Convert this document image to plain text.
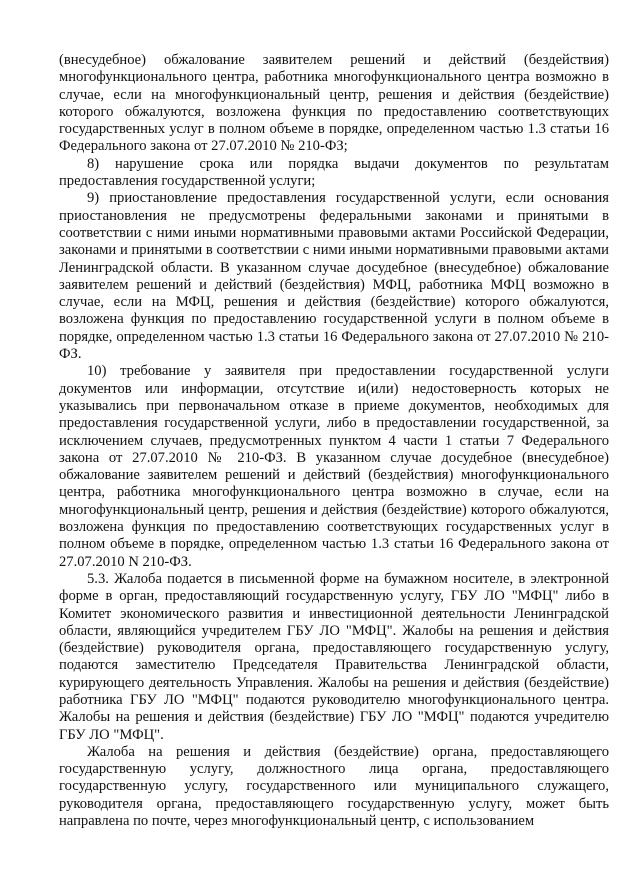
(внесудебное) обжалование заявителем решений и действий (бездействия) многофункционального центра, работника многофункционального центра возможно в случае, если на многофункциональный центр, решения и действия (бездействие) которого обжалуются, возложена функция по предоставлению соответствующих государственных услуг в полном объеме в порядке, определенном частью 1.3 статьи 16 Федерального закона от 27.07.2010 № 210-ФЗ;

8) нарушение срока или порядка выдачи документов по результатам предоставления государственной услуги;

9) приостановление предоставления государственной услуги, если основания приостановления не предусмотрены федеральными законами и принятыми в соответствии с ними иными нормативными правовыми актами Российской Федерации, законами и принятыми в соответствии с ними иными нормативными правовыми актами Ленинградской области. В указанном случае досудебное (внесудебное) обжалование заявителем решений и действий (бездействия) МФЦ, работника МФЦ возможно в случае, если на МФЦ, решения и действия (бездействие) которого обжалуются, возложена функция по предоставлению государственной услуги в полном объеме в порядке, определенном частью 1.3 статьи 16 Федерального закона от 27.07.2010 № 210-ФЗ.

10) требование у заявителя при предоставлении государственной услуги документов или информации, отсутствие и(или) недостоверность которых не указывались при первоначальном отказе в приеме документов, необходимых для предоставления государственной услуги, либо в предоставлении государственной, за исключением случаев, предусмотренных пунктом 4 части 1 статьи 7 Федерального закона от 27.07.2010 № 210-ФЗ. В указанном случае досудебное (внесудебное) обжалование заявителем решений и действий (бездействия) многофункционального центра, работника многофункционального центра возможно в случае, если на многофункциональный центр, решения и действия (бездействие) которого обжалуются, возложена функция по предоставлению соответствующих государственных услуг в полном объеме в порядке, определенном частью 1.3 статьи 16 Федерального закона от 27.07.2010 N 210-ФЗ.

5.3. Жалоба подается в письменной форме на бумажном носителе, в электронной форме в орган, предоставляющий государственную услугу, ГБУ ЛО "МФЦ" либо в Комитет экономического развития и инвестиционной деятельности Ленинградской области, являющийся учредителем ГБУ ЛО "МФЦ". Жалобы на решения и действия (бездействие) руководителя органа, предоставляющего государственную услугу, подаются заместителю Председателя Правительства Ленинградской области, курирующего деятельность Управления. Жалобы на решения и действия (бездействие) работника ГБУ ЛО "МФЦ" подаются руководителю многофункционального центра. Жалобы на решения и действия (бездействие) ГБУ ЛО "МФЦ" подаются учредителю ГБУ ЛО "МФЦ".

Жалоба на решения и действия (бездействие) органа, предоставляющего государственную услугу, должностного лица органа, предоставляющего государственную услугу, государственного или муниципального служащего, руководителя органа, предоставляющего государственную услугу, может быть направлена по почте, через многофункциональный центр, с использованием
